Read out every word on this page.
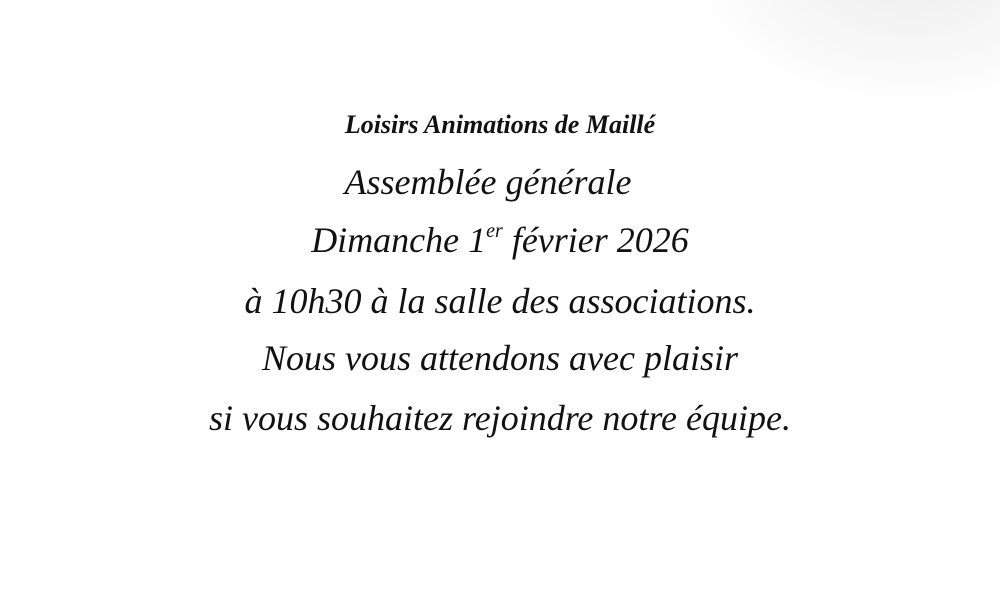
Loisirs Animations de Maillé
Assemblée générale
Dimanche 1er février 2026
à 10h30 à la salle des associations.
Nous vous attendons avec plaisir
si vous souhaitez rejoindre notre équipe.
